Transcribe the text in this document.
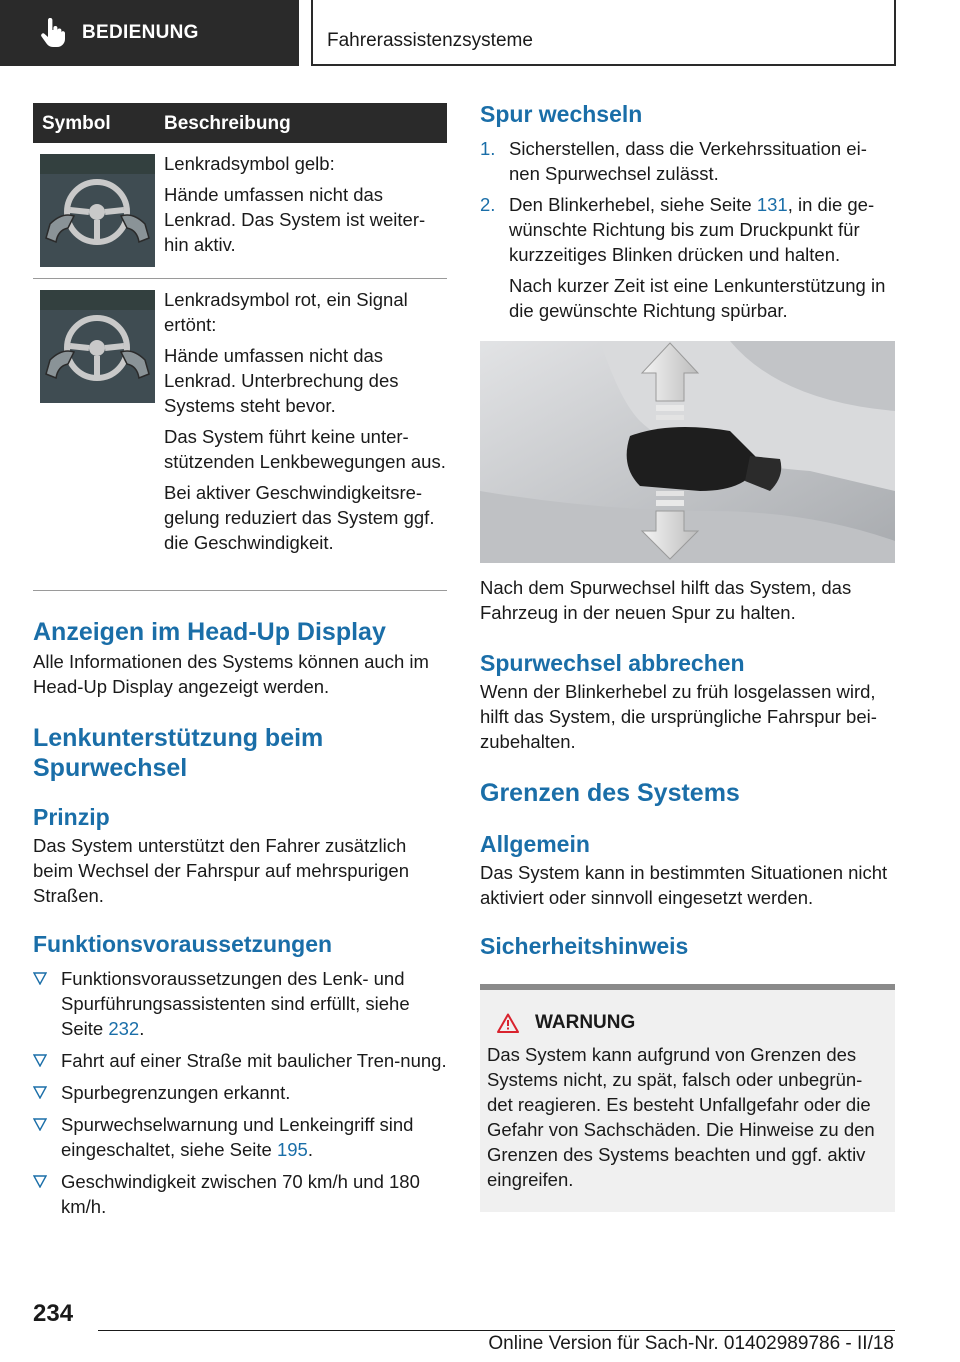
BEDIENUNG	Fahrerassistenzsysteme
Symbol	Beschreibung

Lenkradsymbol gelb:

Hände umfassen nicht das Lenkrad. Das System ist weiter-hin aktiv.

Lenkradsymbol rot, ein Signal ertönt:

Hände umfassen nicht das Lenkrad. Unterbrechung des Systems steht bevor.

Das System führt keine unter-stützenden Lenkbewegungen aus.

Bei aktiver Geschwindigkeitsre-gelung reduziert das System ggf. die Geschwindigkeit.

Anzeigen im Head-Up Display

Alle Informationen des Systems können auch im Head-Up Display angezeigt werden.

Lenkunterstützung beim Spurwechsel
Prinzip

Das System unterstützt den Fahrer zusätzlich beim Wechsel der Fahrspur auf mehrspurigen Straßen.

Funktionsvoraussetzungen
Funktionsvoraussetzungen des Lenk- und Spurführungsassistenten sind erfüllt, siehe Seite 232.
Fahrt auf einer Straße mit baulicher Tren-nung.
Spurbegrenzungen erkannt.
Spurwechselwarnung und Lenkeingriff sind eingeschaltet, siehe Seite 195.
Geschwindigkeit zwischen 70 km/h und 180 km/h.
Spur wechseln
1. Sicherstellen, dass die Verkehrssituation ei-nen Spurwechsel zulässt.
2. Den Blinkerhebel, siehe Seite 131, in die ge-wünschte Richtung bis zum Druckpunkt für kurzzeitiges Blinken drücken und halten.

Nach kurzer Zeit ist eine Lenkunterstützung in die gewünschte Richtung spürbar.

Nach dem Spurwechsel hilft das System, das Fahrzeug in der neuen Spur zu halten.

Spurwechsel abbrechen

Wenn der Blinkerhebel zu früh losgelassen wird, hilft das System, die ursprüngliche Fahrspur bei-zubehalten.

Grenzen des Systems
Allgemein

Das System kann in bestimmten Situationen nicht aktiviert oder sinnvoll eingesetzt werden.

Sicherheitshinweis
WARNUNG

Das System kann aufgrund von Grenzen des Systems nicht, zu spät, falsch oder unbegrün-det reagieren. Es besteht Unfallgefahr oder die Gefahr von Sachschäden. Die Hinweise zu den Grenzen des Systems beachten und ggf. aktiv eingreifen.

234
Online Version für Sach-Nr. 01402989786 - II/18
